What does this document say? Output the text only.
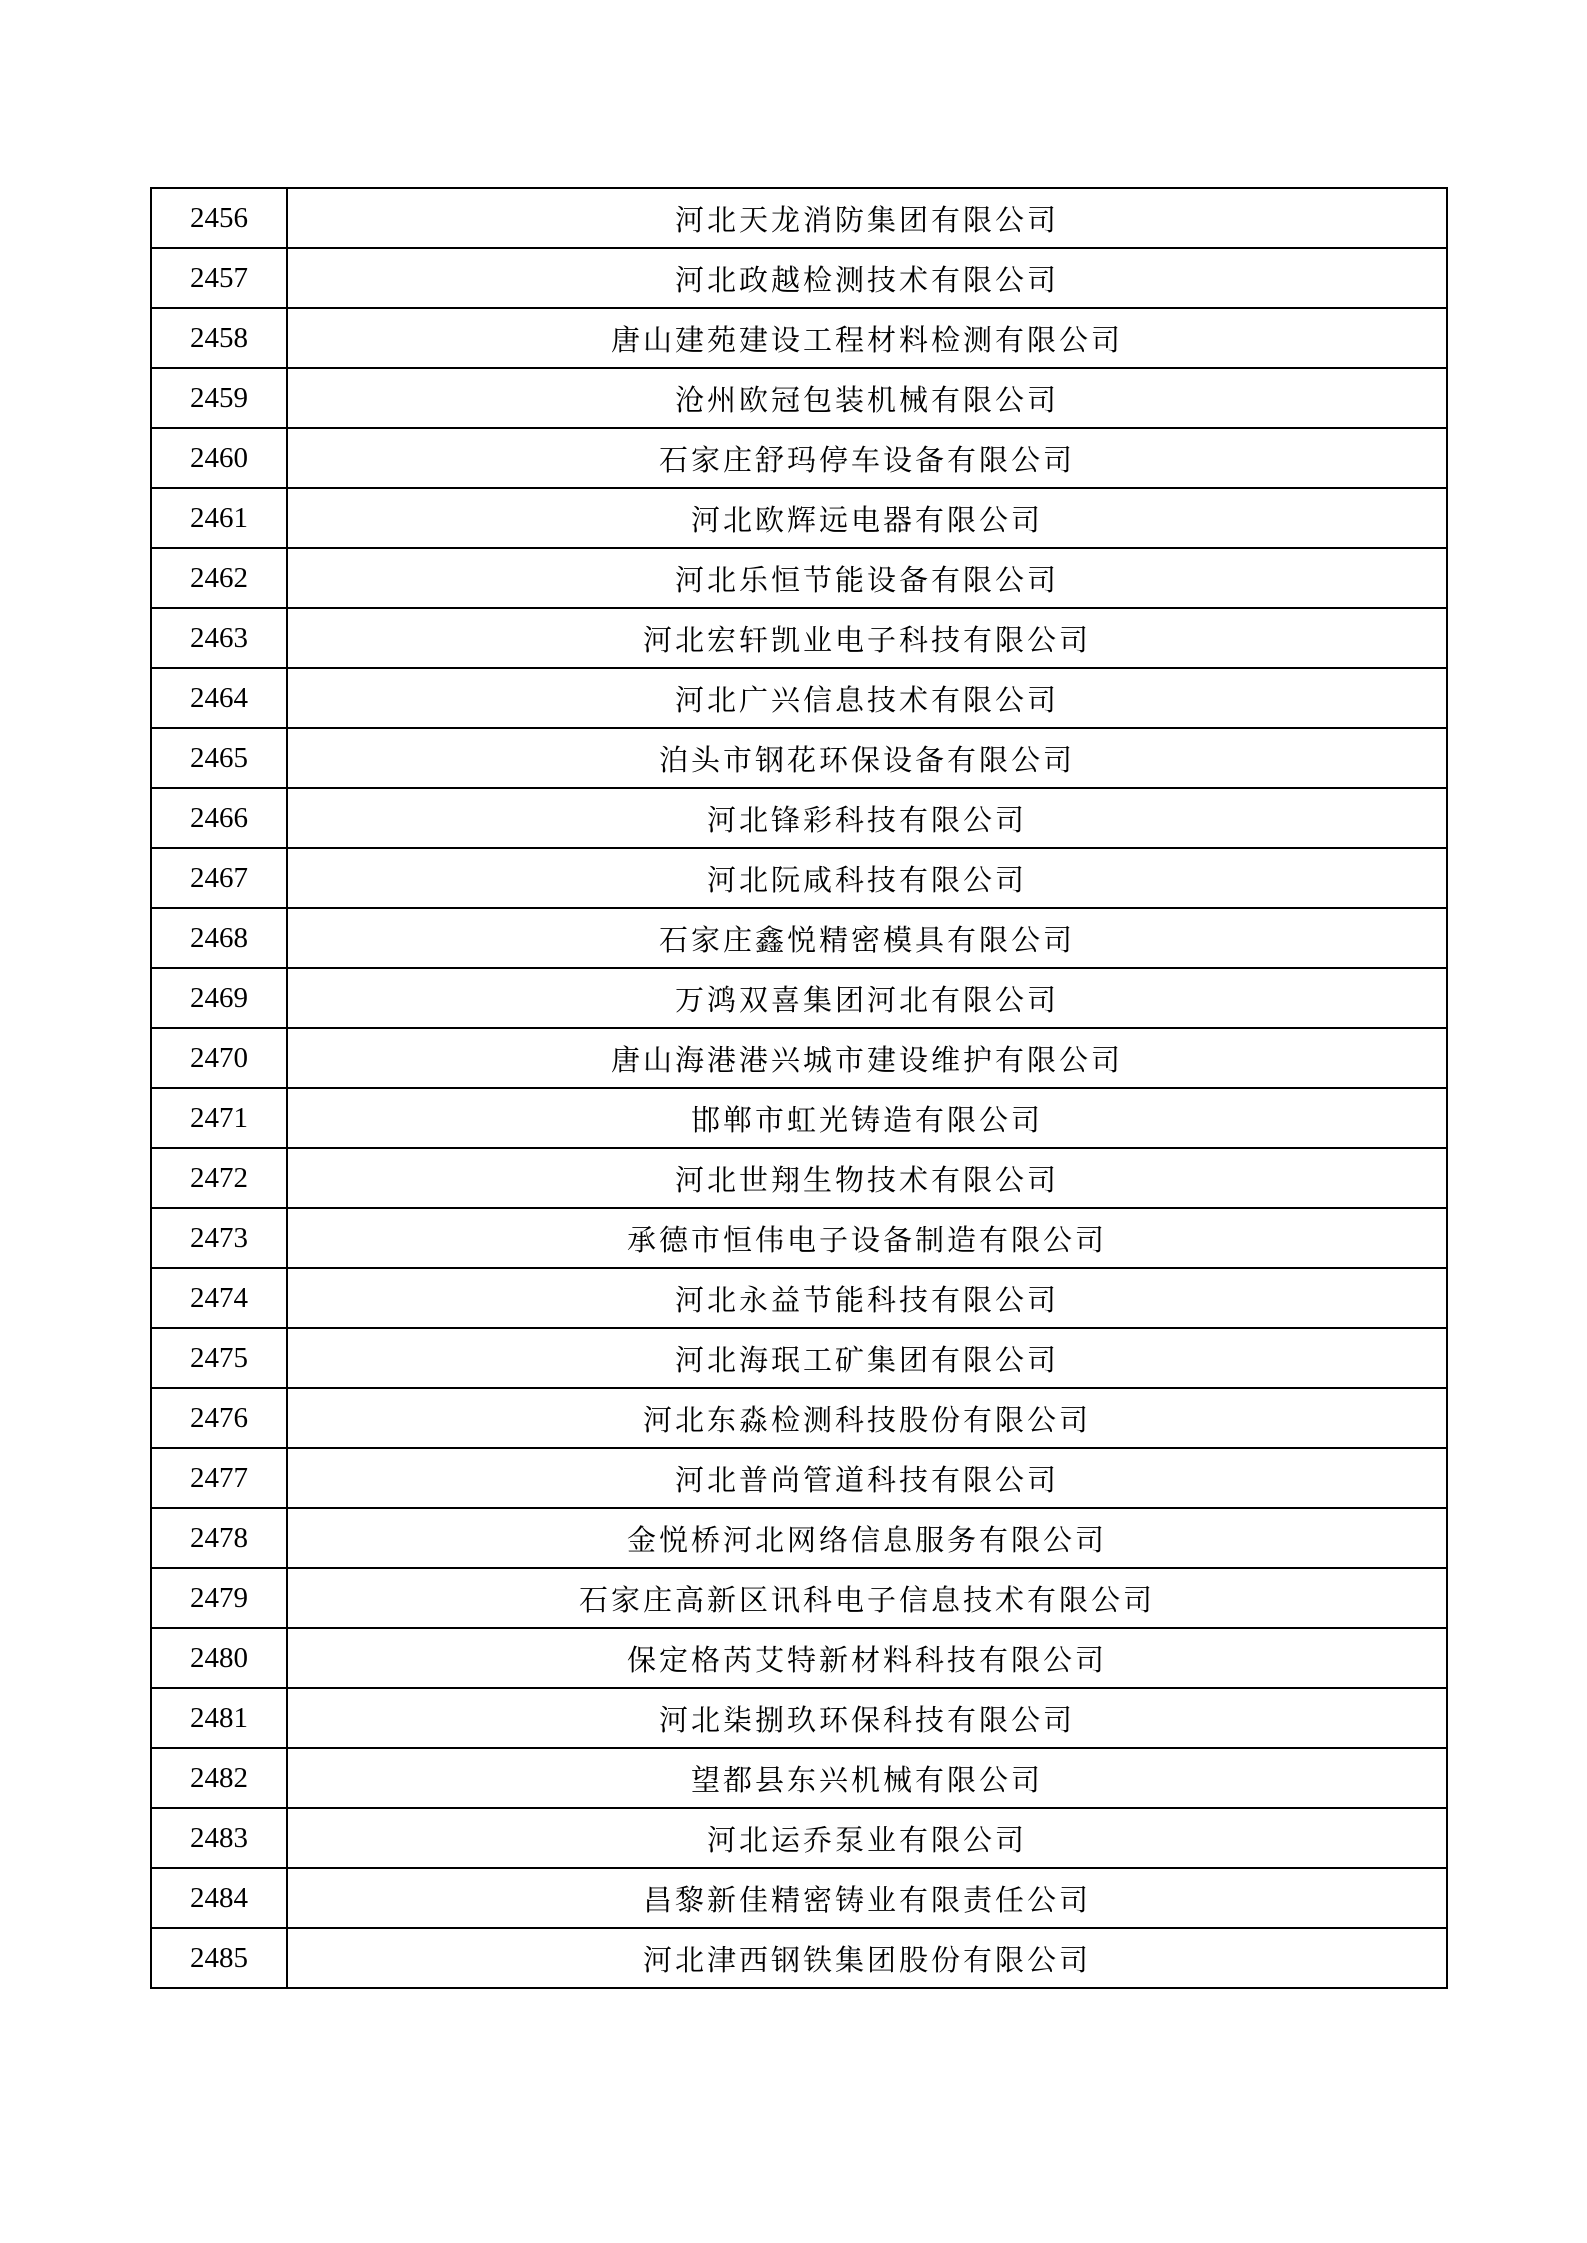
2456	河北天龙消防集团有限公司
2457	河北政越检测技术有限公司
2458	唐山建苑建设工程材料检测有限公司
2459	沧州欧冠包装机械有限公司
2460	石家庄舒玛停车设备有限公司
2461	河北欧辉远电器有限公司
2462	河北乐恒节能设备有限公司
2463	河北宏轩凯业电子科技有限公司
2464	河北广兴信息技术有限公司
2465	泊头市钢花环保设备有限公司
2466	河北锋彩科技有限公司
2467	河北阮咸科技有限公司
2468	石家庄鑫悦精密模具有限公司
2469	万鸿双喜集团河北有限公司
2470	唐山海港港兴城市建设维护有限公司
2471	邯郸市虹光铸造有限公司
2472	河北世翔生物技术有限公司
2473	承德市恒伟电子设备制造有限公司
2474	河北永益节能科技有限公司
2475	河北海珉工矿集团有限公司
2476	河北东淼检测科技股份有限公司
2477	河北普尚管道科技有限公司
2478	金悦桥河北网络信息服务有限公司
2479	石家庄高新区讯科电子信息技术有限公司
2480	保定格芮艾特新材料科技有限公司
2481	河北柒捌玖环保科技有限公司
2482	望都县东兴机械有限公司
2483	河北运乔泵业有限公司
2484	昌黎新佳精密铸业有限责任公司
2485	河北津西钢铁集团股份有限公司
